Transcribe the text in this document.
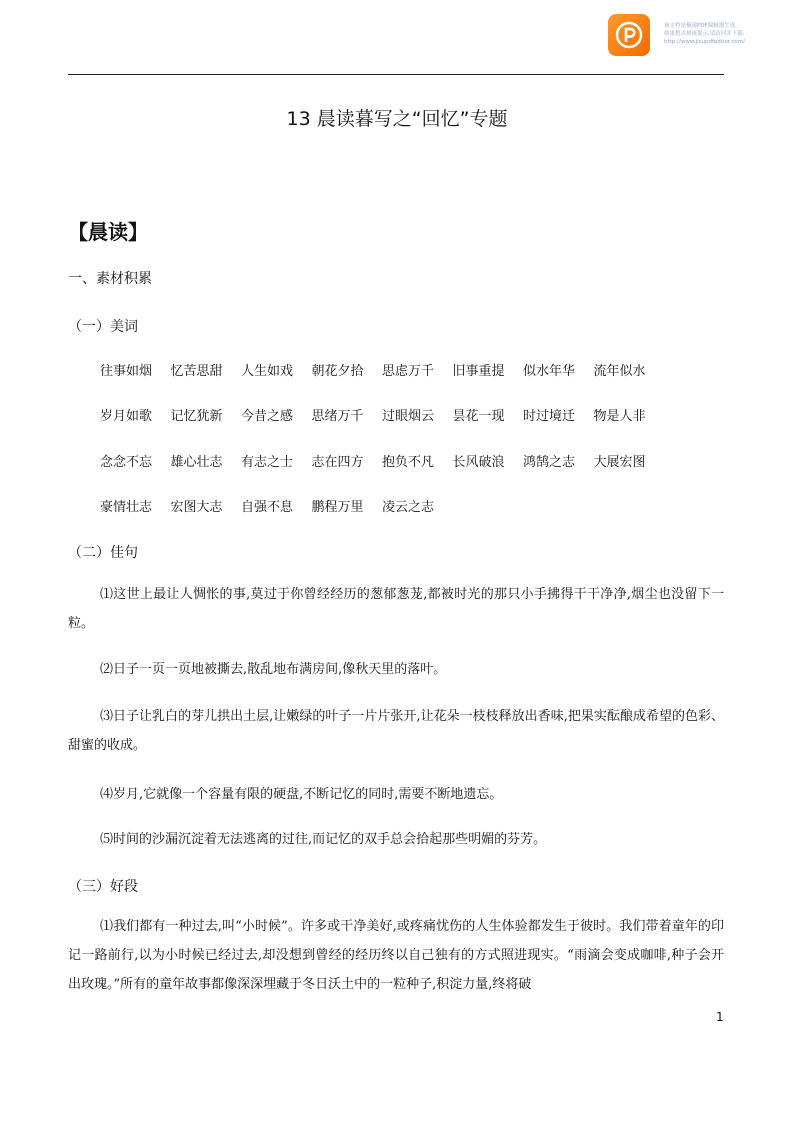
该文档是极速PDF编辑器生成,
如果想去掉该提示,请访问并下载:
http://www.jisupdfeditor.com/
13 晨读暮写之“回忆”专题
【晨读】
一、素材积累
（一）美词
往事如烟	忆苦思甜	人生如戏	朝花夕拾	思虑万千	旧事重提	似水年华	流年似水
岁月如歌	记忆犹新	今昔之感	思绪万千	过眼烟云	昙花一现	时过境迁	物是人非
念念不忘	雄心壮志	有志之士	志在四方	抱负不凡	长风破浪	鸿鹄之志	大展宏图
豪情壮志	宏图大志	自强不息	鹏程万里	凌云之志
（二）佳句

⑴这世上最让人惆怅的事,莫过于你曾经经历的葱郁葱茏,都被时光的那只小手拂得干干净净,烟尘也没留下一粒。

⑵日子一页一页地被撕去,散乱地布满房间,像秋天里的落叶。

⑶日子让乳白的芽儿拱出土层,让嫩绿的叶子一片片张开,让花朵一枝枝释放出香味,把果实酝酿成希望的色彩、甜蜜的收成。

⑷岁月,它就像一个容量有限的硬盘,不断记忆的同时,需要不断地遗忘。

⑸时间的沙漏沉淀着无法逃离的过往,而记忆的双手总会拾起那些明媚的芬芳。

（三）好段

⑴我们都有一种过去,叫“小时候”。许多或干净美好,或疼痛忧伤的人生体验都发生于彼时。我们带着童年的印记一路前行,以为小时候已经过去,却没想到曾经的经历终以自己独有的方式照进现实。“雨滴会变成咖啡,种子会开出玫瑰。”所有的童年故事都像深深埋藏于冬日沃土中的一粒种子,积淀力量,终将破

1
